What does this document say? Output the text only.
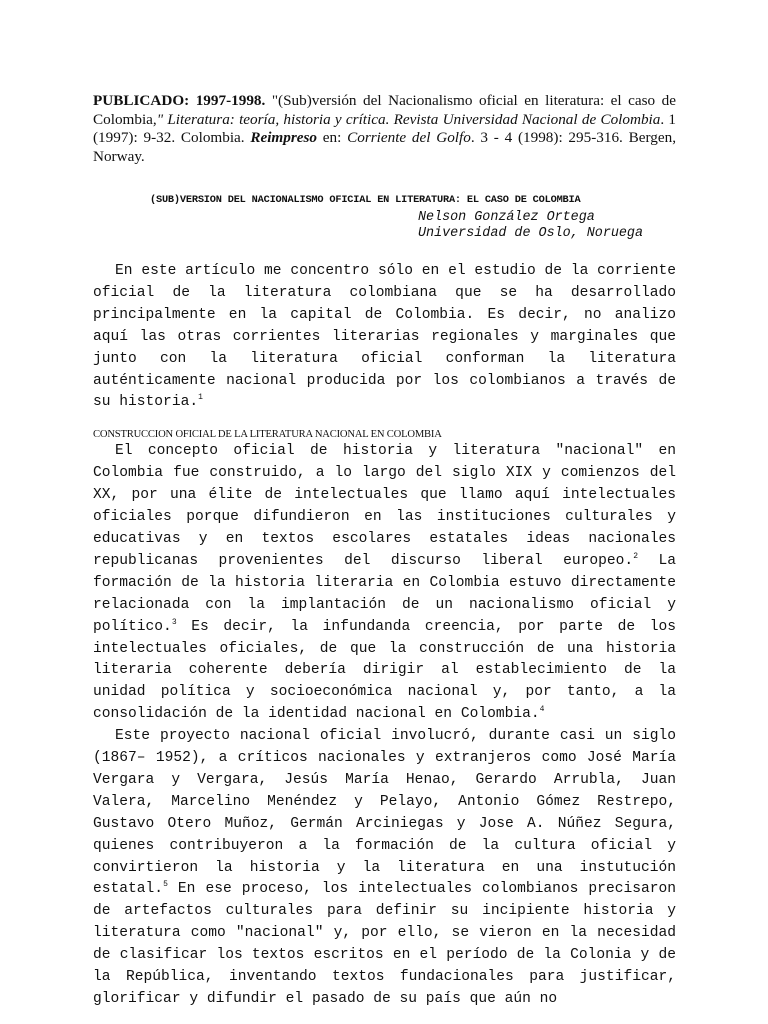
PUBLICADO: 1997-1998. "(Sub)versión del Nacionalismo oficial en literatura: el caso de Colombia," Literatura: teoría, historia y crítica. Revista Universidad Nacional de Colombia. 1 (1997): 9-32. Colombia. Reimpreso en: Corriente del Golfo. 3 - 4 (1998): 295-316. Bergen, Norway.

(SUB)VERSION DEL NACIONALISMO OFICIAL EN LITERATURA: EL CASO DE COLOMBIA
Nelson González Ortega
Universidad de Oslo, Noruega

En este artículo me concentro sólo en el estudio de la corriente oficial de la literatura colombiana que se ha desarrollado principalmente en la capital de Colombia. Es decir, no analizo aquí las otras corrientes literarias regionales y marginales que junto con la literatura oficial conforman la literatura auténticamente nacional producida por los colombianos a través de su historia.$^1$

CONSTRUCCION OFICIAL DE LA LITERATURA NACIONAL EN COLOMBIA

El concepto oficial de historia y literatura "nacional" en Colombia fue construido, a lo largo del siglo XIX y comienzos del XX, por una élite de intelectuales que llamo aquí intelectuales oficiales porque difundieron en las instituciones culturales y educativas y en textos escolares estatales ideas nacionales republicanas provenientes del discurso liberal europeo.$^2$ La formación de la historia literaria en Colombia estuvo directamente relacionada con la implantación de un nacionalismo oficial y político.$^3$ Es decir, la infundanda creencia, por parte de los intelectuales oficiales, de que la construcción de una historia literaria coherente debería dirigir al establecimiento de la unidad política y socioeconómica nacional y, por tanto, a la consolidación de la identidad nacional en Colombia.$^4$

Este proyecto nacional oficial involucró, durante casi un siglo (1867– 1952), a críticos nacionales y extranjeros como José María Vergara y Vergara, Jesús María Henao, Gerardo Arrubla, Juan Valera, Marcelino Menéndez y Pelayo, Antonio Gómez Restrepo, Gustavo Otero Muñoz, Germán Arciniegas y Jose A. Núñez Segura, quienes contribuyeron a la formación de la cultura oficial y convirtieron la historia y la literatura en una instutución estatal.$^5$ En ese proceso, los intelectuales colombianos precisaron de artefactos culturales para definir su incipiente historia y literatura como "nacional" y, por ello, se vieron en la necesidad de clasificar los textos escritos en el período de la Colonia y de la República, inventando textos fundacionales para justificar, glorificar y difundir el pasado de su país que aún no
